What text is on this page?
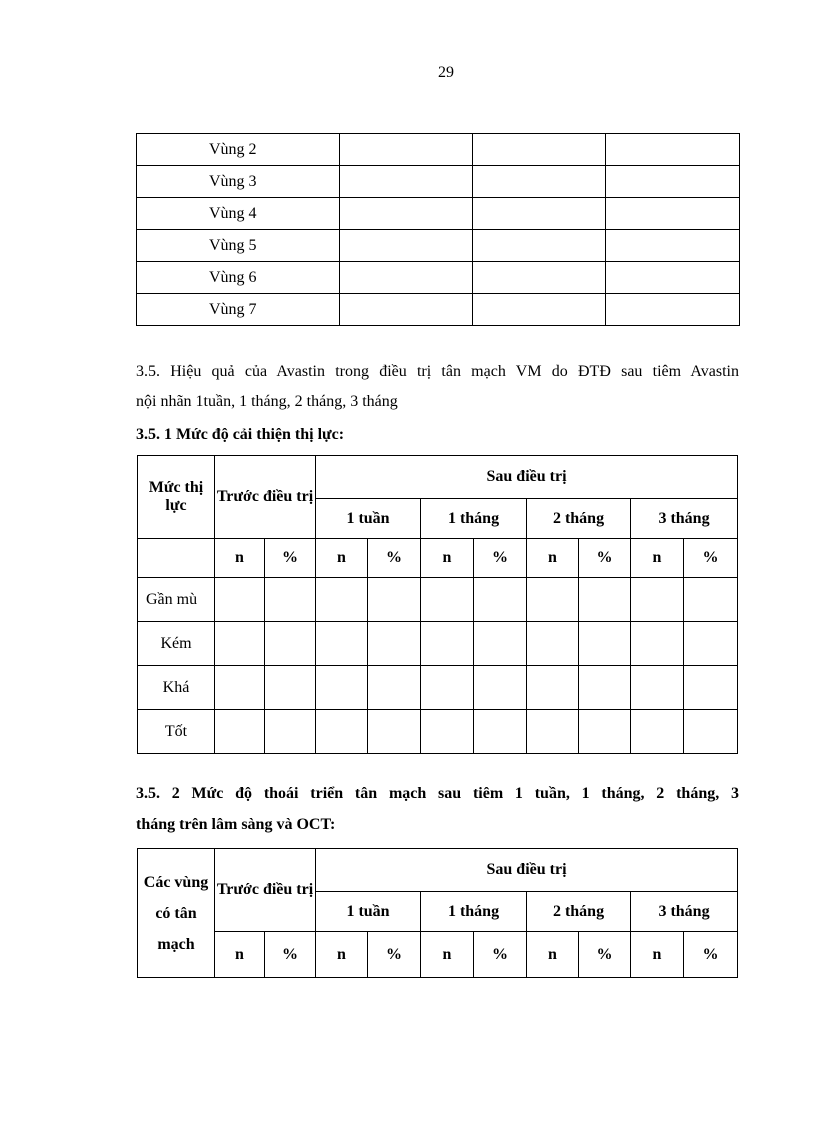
29
Vùng 2			
Vùng 3			
Vùng 4			
Vùng 5			
Vùng 6			
Vùng 7			
3.5. Hiệu quả của Avastin trong điều trị tân mạch VM do ĐTĐ sau tiêm Avastin
nội nhãn 1tuần, 1 tháng, 2 tháng, 3 tháng
3.5. 1 Mức độ cải thiện thị lực:
Mức thị lực	Trước điều trị		Sau điều trị							
			1 tuần		1 tháng		2 tháng		3 tháng	
	n	%	n	%	n	%	n	%	n	%
Gần mù										
Kém										
Khá										
Tốt										
3.5. 2 Mức độ thoái triển tân mạch sau tiêm 1 tuần, 1 tháng, 2 tháng, 3
tháng trên lâm sàng và OCT:
Các vùng có tân mạch	Trước điều trị		Sau điều trị							
			1 tuần		1 tháng		2 tháng		3 tháng	
	n	%	n	%	n	%	n	%	n	%
